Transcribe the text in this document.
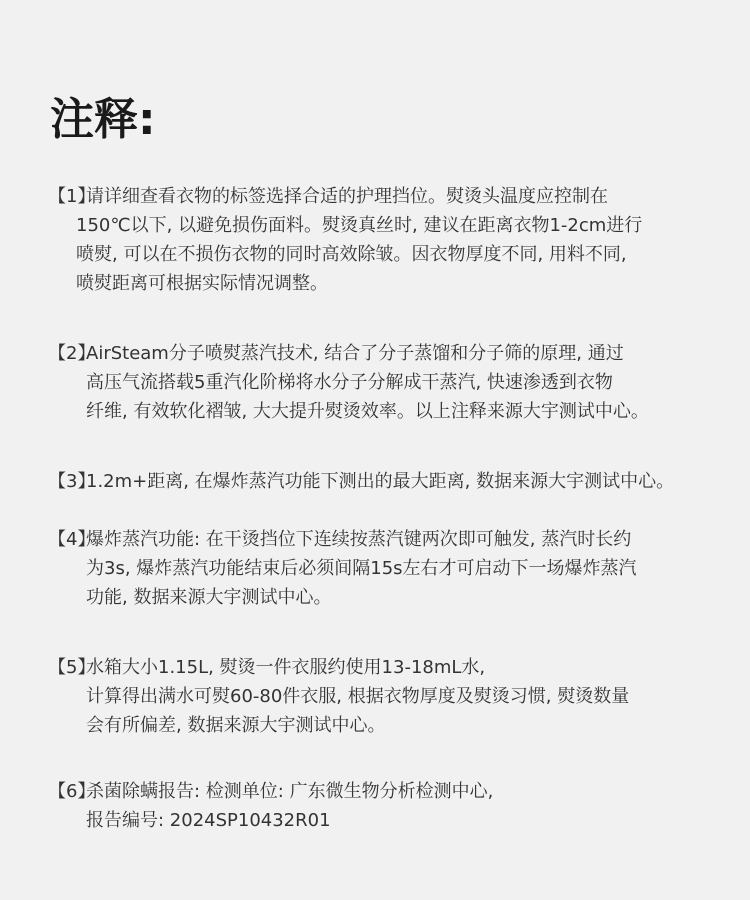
注释:
【1】请详细查看衣物的标签选择合适的护理挡位。熨烫头温度应控制在
150℃以下, 以避免损伤面料。熨烫真丝时, 建议在距离衣物1-2cm进行
喷熨, 可以在不损伤衣物的同时高效除皱。因衣物厚度不同, 用料不同,
喷熨距离可根据实际情况调整。
【2】AirSteam分子喷熨蒸汽技术, 结合了分子蒸馏和分子筛的原理, 通过
高压气流搭载5重汽化阶梯将水分子分解成干蒸汽, 快速渗透到衣物
纤维, 有效软化褶皱, 大大提升熨烫效率。以上注释来源大宇测试中心。
【3】1.2m+距离, 在爆炸蒸汽功能下测出的最大距离, 数据来源大宇测试中心。
【4】爆炸蒸汽功能: 在干烫挡位下连续按蒸汽键两次即可触发, 蒸汽时长约
为3s, 爆炸蒸汽功能结束后必须间隔15s左右才可启动下一场爆炸蒸汽
功能, 数据来源大宇测试中心。
【5】水箱大小1.15L, 熨烫一件衣服约使用13-18mL水,
计算得出满水可熨60-80件衣服, 根据衣物厚度及熨烫习惯, 熨烫数量
会有所偏差, 数据来源大宇测试中心。
【6】杀菌除螨报告: 检测单位: 广东微生物分析检测中心,
报告编号: 2024SP10432R01
